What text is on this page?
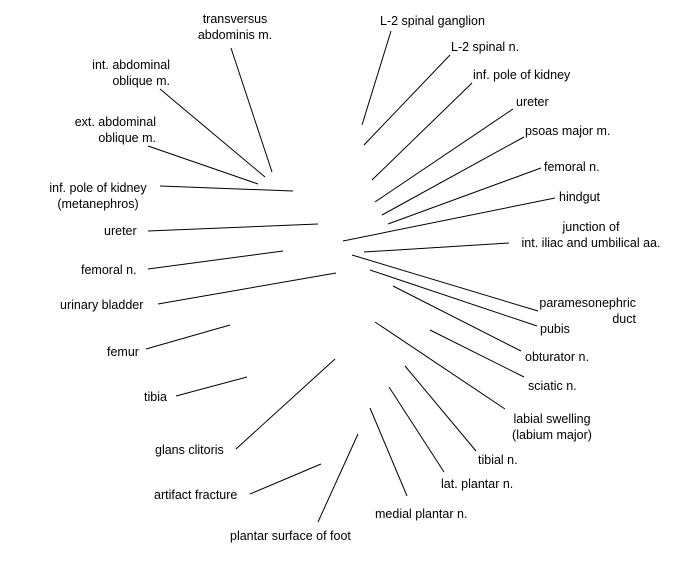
transversus
abdominis m.
int. abdominal
oblique m.
ext. abdominal
oblique m.
inf. pole of kidney
(metanephros)
ureter
femoral n.
urinary bladder
femur
tibia
glans clitoris
artifact fracture
plantar surface of foot
L-2 spinal ganglion
L-2 spinal n.
inf. pole of kidney
ureter
psoas major m.
femoral n.
hindgut
junction of
int. iliac and umbilical aa.
paramesonephric
duct
pubis
obturator n.
sciatic n.
labial swelling
(labium major)
tibial n.
lat. plantar n.
medial plantar n.
